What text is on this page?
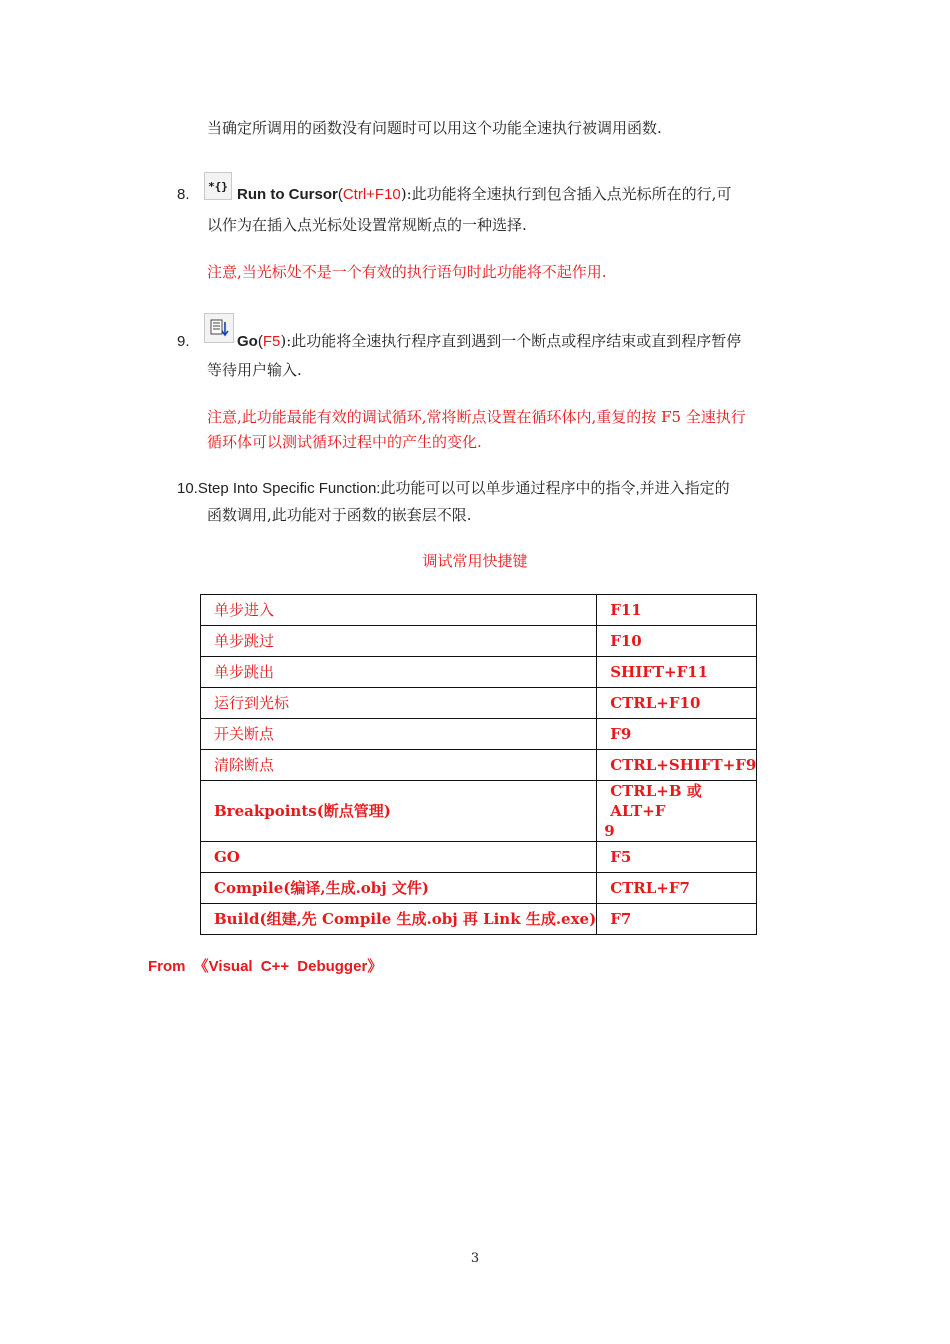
当确定所调用的函数没有问题时可以用这个功能全速执行被调用函数.
8.	*{} Run to Cursor(Ctrl+F10):此功能将全速执行到包含插入点光标所在的行,可
以作为在插入点光标处设置常规断点的一种选择.
注意,当光标处不是一个有效的执行语句时此功能将不起作用.
9.	Go(F5):此功能将全速执行程序直到遇到一个断点或程序结束或直到程序暂停
等待用户输入.
注意,此功能最能有效的调试循环,常将断点设置在循环体内,重复的按 F5 全速执行
循环体可以测试循环过程中的产生的变化.
10.Step Into Specific Function:此功能可以可以单步通过程序中的指令,并进入指定的
函数调用,此功能对于函数的嵌套层不限.
调试常用快捷键
单步进入	F11
单步跳过	F10
单步跳出	SHIFT+F11
运行到光标	CTRL+F10
开关断点	F9
清除断点	CTRL+SHIFT+F9
Breakpoints(断点管理)	CTRL+B 或 ALT+F
9

GO	F5
Compile(编译,生成.obj 文件)	CTRL+F7
Build(组建,先 Compile 生成.obj 再 Link 生成.exe)	F7
From 《Visual C++ Debugger》
3
